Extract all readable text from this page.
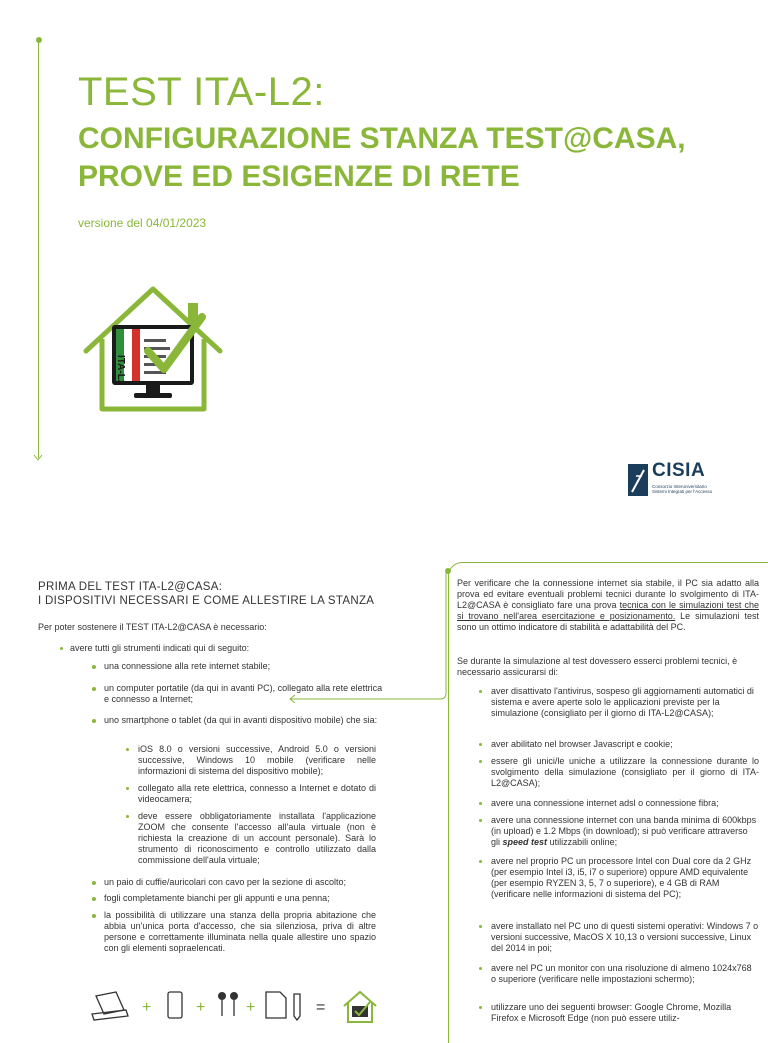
TEST ITA-L2:
CONFIGURAZIONE STANZA TEST@CASA,
PROVE ED ESIGENZE DI RETE
versione del 04/01/2023
ITA-L2
CISIA
Consorzio Interuniversitario Sistemi Integrati per l'Accesso
PRIMA DEL TEST ITA-L2@CASA:
I DISPOSITIVI NECESSARI E COME ALLESTIRE LA STANZA
Per poter sostenere il TEST ITA-L2@CASA è necessario:
avere tutti gli strumenti indicati qui di seguito:
una connessione alla rete internet stabile;
un computer portatile (da qui in avanti PC), collegato alla rete elettrica e connesso a Internet;
uno smartphone o tablet (da qui in avanti dispositivo mobile) che sia:
iOS 8.0 o versioni successive, Android 5.0 o versioni successive, Windows 10 mobile (verificare nelle informazioni di sistema del dispositivo mobile);
collegato alla rete elettrica, connesso a Internet e dotato di videocamera;
deve essere obbligatoriamente installata l'applicazione ZOOM che consente l'accesso all'aula virtuale (non è richiesta la creazione di un account personale). Sarà lo strumento di riconoscimento e controllo utilizzato dalla commissione dell'aula virtuale;
un paio di cuffie/auricolari con cavo per la sezione di ascolto;
fogli completamente bianchi per gli appunti e una penna;
la possibilità di utilizzare una stanza della propria abitazione che abbia un'unica porta d'accesso, che sia silenziosa, priva di altre persone e correttamente illuminata nella quale allestire uno spazio con gli elementi sopraelencati.
+	+	+	=
Per verificare che la connessione internet sia stabile, il PC sia adatto alla prova ed evitare eventuali problemi tecnici durante lo svolgimento di ITA-L2@CASA è consigliato fare una prova tecnica con le simulazioni test che si trovano nell'area esercitazione e posizionamento. Le simulazioni test sono un ottimo indicatore di stabilità e adattabilità del PC.
Se durante la simulazione al test dovessero esserci problemi tecnici, è necessario assicurarsi di:
aver disattivato l'antivirus, sospeso gli aggiornamenti automatici di sistema e avere aperte solo le applicazioni previste per la simulazione (consigliato per il giorno di ITA-L2@CASA);
aver abilitato nel browser Javascript e cookie;
essere gli unici/le uniche a utilizzare la connessione durante lo svolgimento della simulazione (consigliato per il giorno di ITA-L2@CASA);
avere una connessione internet adsl o connessione fibra;
avere una connessione internet con una banda minima di 600kbps (in upload) e 1.2 Mbps (in download); si può verificare attraverso gli speed test utilizzabili online;
avere nel proprio PC un processore Intel con Dual core da 2 GHz (per esempio Intel i3, i5, i7 o superiore) oppure AMD equivalente (per esempio RYZEN 3, 5, 7 o superiore), e 4 GB di RAM (verificare nelle informazioni di sistema del PC);
avere installato nel PC uno di questi sistemi operativi: Windows 7 o versioni successive, MacOS X 10,13 o versioni successive, Linux del 2014 in poi;
avere nel PC un monitor con una risoluzione di almeno 1024x768 o superiore (verificare nelle impostazioni schermo);
utilizzare uno dei seguenti browser: Google Chrome, Mozilla Firefox e Microsoft Edge (non può essere utiliz-
